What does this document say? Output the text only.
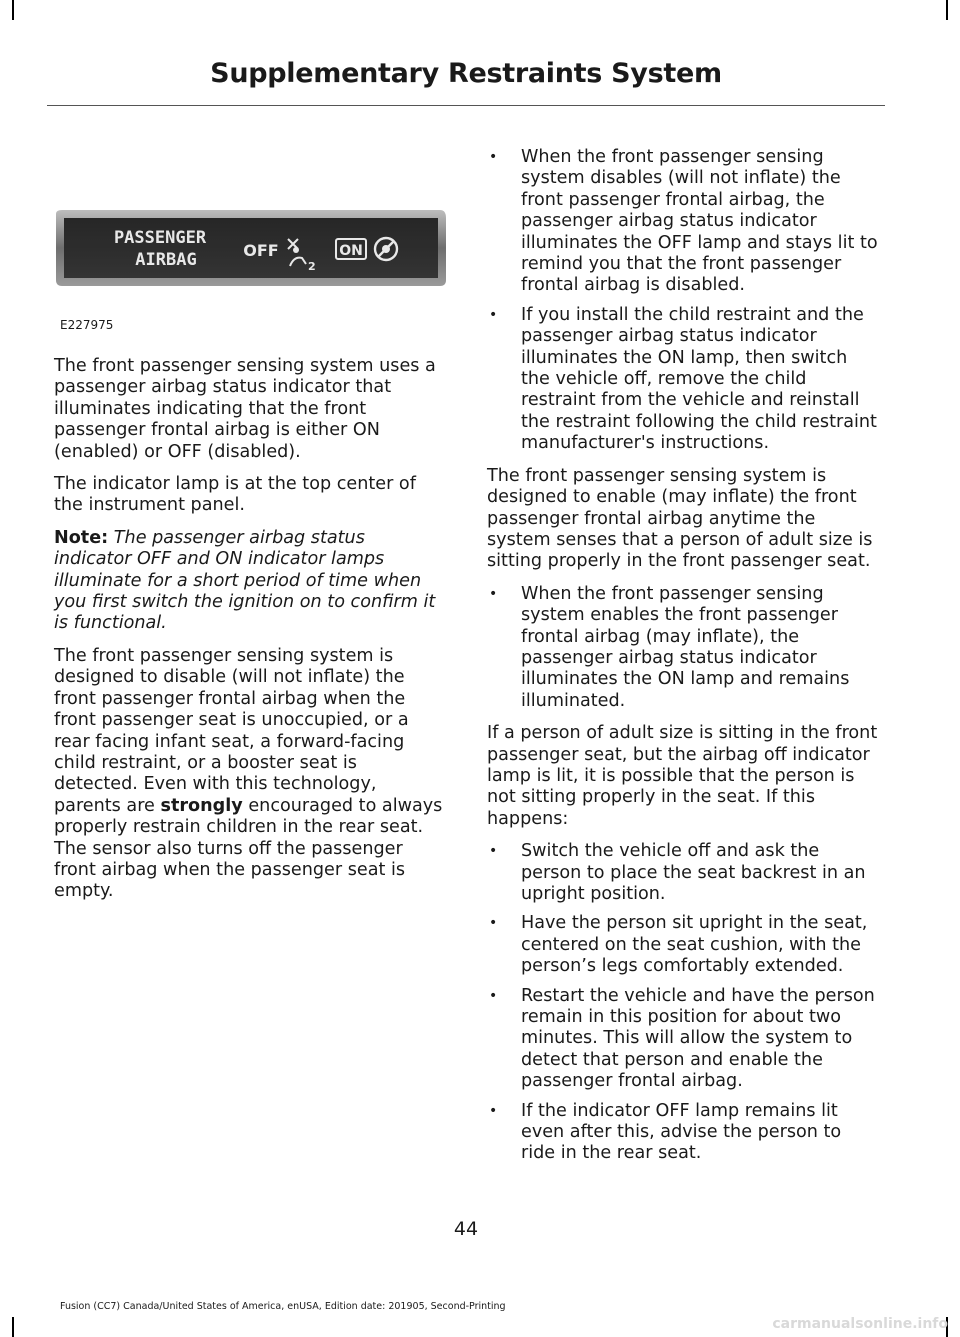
Supplementary Restraints System
PASSENGER
AIRBAG	OFF
2
ON
E227975

The front passenger sensing system uses a passenger airbag status indicator that illuminates indicating that the front passenger frontal airbag is either ON (enabled) or OFF (disabled).

The indicator lamp is at the top center of the instrument panel.

Note: The passenger airbag status indicator OFF and ON indicator lamps illuminate for a short period of time when you first switch the ignition on to confirm it is functional.

The front passenger sensing system is designed to disable (will not inflate) the front passenger frontal airbag when the front passenger seat is unoccupied, or a rear facing infant seat, a forward-facing child restraint, or a booster seat is detected. Even with this technology, parents are strongly encouraged to always properly restrain children in the rear seat. The sensor also turns off the passenger front airbag when the passenger seat is empty.

• When the front passenger sensing system disables (will not inflate) the front passenger frontal airbag, the passenger airbag status indicator illuminates the OFF lamp and stays lit to remind you that the front passenger frontal airbag is disabled.
• If you install the child restraint and the passenger airbag status indicator illuminates the ON lamp, then switch the vehicle off, remove the child restraint from the vehicle and reinstall the restraint following the child restraint manufacturer's instructions.

The front passenger sensing system is designed to enable (may inflate) the front passenger frontal airbag anytime the system senses that a person of adult size is sitting properly in the front passenger seat.

• When the front passenger sensing system enables the front passenger frontal airbag (may inflate), the passenger airbag status indicator illuminates the ON lamp and remains illuminated.

If a person of adult size is sitting in the front passenger seat, but the airbag off indicator lamp is lit, it is possible that the person is not sitting properly in the seat. If this happens:

• Switch the vehicle off and ask the person to place the seat backrest in an upright position.
• Have the person sit upright in the seat, centered on the seat cushion, with the person’s legs comfortably extended.
• Restart the vehicle and have the person remain in this position for about two minutes. This will allow the system to detect that person and enable the passenger frontal airbag.
• If the indicator OFF lamp remains lit even after this, advise the person to ride in the rear seat.
44
Fusion (CC7) Canada/United States of America, enUSA, Edition date: 201905, Second-Printing
carmanualsonline.info
